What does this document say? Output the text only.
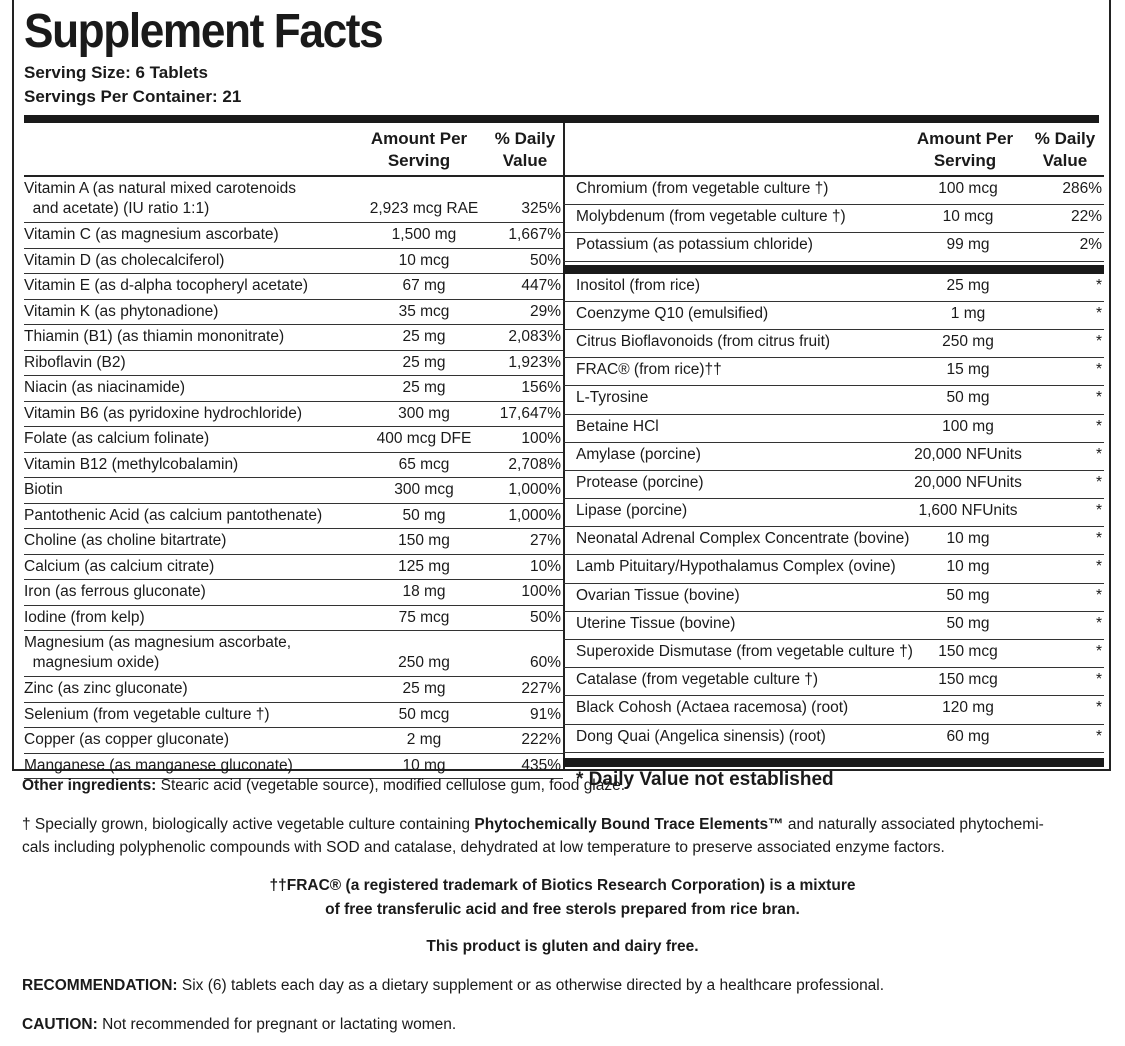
Supplement Facts
Serving Size: 6 Tablets
Servings Per Container: 21
Amount Per
Serving
% Daily
Value
Vitamin A (as natural mixed carotenoids
and acetate) (IU ratio 1:1)	2,923 mcg RAE	325%
Vitamin C (as magnesium ascorbate)	1,500 mg	1,667%
Vitamin D (as cholecalciferol)	10 mcg	50%
Vitamin E (as d-alpha tocopheryl acetate)	67 mg	447%
Vitamin K (as phytonadione)	35 mcg	29%
Thiamin (B1) (as thiamin mononitrate)	25 mg	2,083%
Riboflavin (B2)	25 mg	1,923%
Niacin (as niacinamide)	25 mg	156%
Vitamin B6 (as pyridoxine hydrochloride)	300 mg	17,647%
Folate (as calcium folinate)	400 mcg DFE	100%
Vitamin B12 (methylcobalamin)	65 mcg	2,708%
Biotin	300 mcg	1,000%
Pantothenic Acid (as calcium pantothenate)	50 mg	1,000%
Choline (as choline bitartrate)	150 mg	27%
Calcium (as calcium citrate)	125 mg	10%
Iron (as ferrous gluconate)	18 mg	100%
Iodine (from kelp)	75 mcg	50%
Magnesium (as magnesium ascorbate,
magnesium oxide)	250 mg	60%
Zinc (as zinc gluconate)	25 mg	227%
Selenium (from vegetable culture †)	50 mcg	91%
Copper (as copper gluconate)	2 mg	222%
Manganese (as manganese gluconate)	10 mg	435%
Amount Per
Serving
% Daily
Value
Chromium (from vegetable culture †)	100 mcg	286%
Molybdenum (from vegetable culture †)	10 mcg	22%
Potassium (as potassium chloride)	99 mg	2%
Inositol (from rice)	25 mg	*
Coenzyme Q10 (emulsified)	1 mg	*
Citrus Bioflavonoids (from citrus fruit)	250 mg	*
FRAC® (from rice)††	15 mg	*
L-Tyrosine	50 mg	*
Betaine HCl	100 mg	*
Amylase (porcine)	20,000 NFUnits	*
Protease (porcine)	20,000 NFUnits	*
Lipase (porcine)	1,600 NFUnits	*
Neonatal Adrenal Complex Concentrate (bovine)	10 mg	*
Lamb Pituitary/Hypothalamus Complex (ovine)	10 mg	*
Ovarian Tissue (bovine)	50 mg	*
Uterine Tissue (bovine)	50 mg	*
Superoxide Dismutase (from vegetable culture †)	150 mcg	*
Catalase (from vegetable culture †)	150 mcg	*
Black Cohosh (Actaea racemosa) (root)	120 mg	*
Dong Quai (Angelica sinensis) (root)	60 mg	*
* Daily Value not established
Other ingredients: Stearic acid (vegetable source), modified cellulose gum, food glaze.
† Specially grown, biologically active vegetable culture containing Phytochemically Bound Trace Elements™ and naturally associated phytochemi-
cals including polyphenolic compounds with SOD and catalase, dehydrated at low temperature to preserve associated enzyme factors.
††FRAC® (a registered trademark of Biotics Research Corporation) is a mixture
of free transferulic acid and free sterols prepared from rice bran.
This product is gluten and dairy free.
RECOMMENDATION: Six (6) tablets each day as a dietary supplement or as otherwise directed by a healthcare professional.
CAUTION: Not recommended for pregnant or lactating women.
